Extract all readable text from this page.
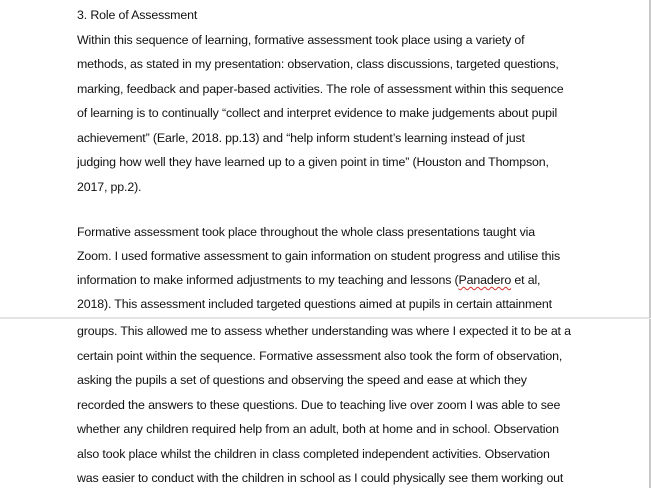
3. Role of Assessment
Within this sequence of learning, formative assessment took place using a variety of
methods, as stated in my presentation: observation, class discussions, targeted questions,
marking, feedback and paper-based activities. The role of assessment within this sequence
of learning is to continually “collect and interpret evidence to make judgements about pupil
achievement” (Earle, 2018. pp.13) and “help inform student’s learning instead of just
judging how well they have learned up to a given point in time” (Houston and Thompson,
2017, pp.2).
Formative assessment took place throughout the whole class presentations taught via
Zoom. I used formative assessment to gain information on student progress and utilise this
information to make informed adjustments to my teaching and lessons (Panadero et al,
2018). This assessment included targeted questions aimed at pupils in certain attainment
groups. This allowed me to assess whether understanding was where I expected it to be at a
certain point within the sequence. Formative assessment also took the form of observation,
asking the pupils a set of questions and observing the speed and ease at which they
recorded the answers to these questions. Due to teaching live over zoom I was able to see
whether any children required help from an adult, both at home and in school. Observation
also took place whilst the children in class completed independent activities. Observation
was easier to conduct with the children in school as I could physically see them working out
